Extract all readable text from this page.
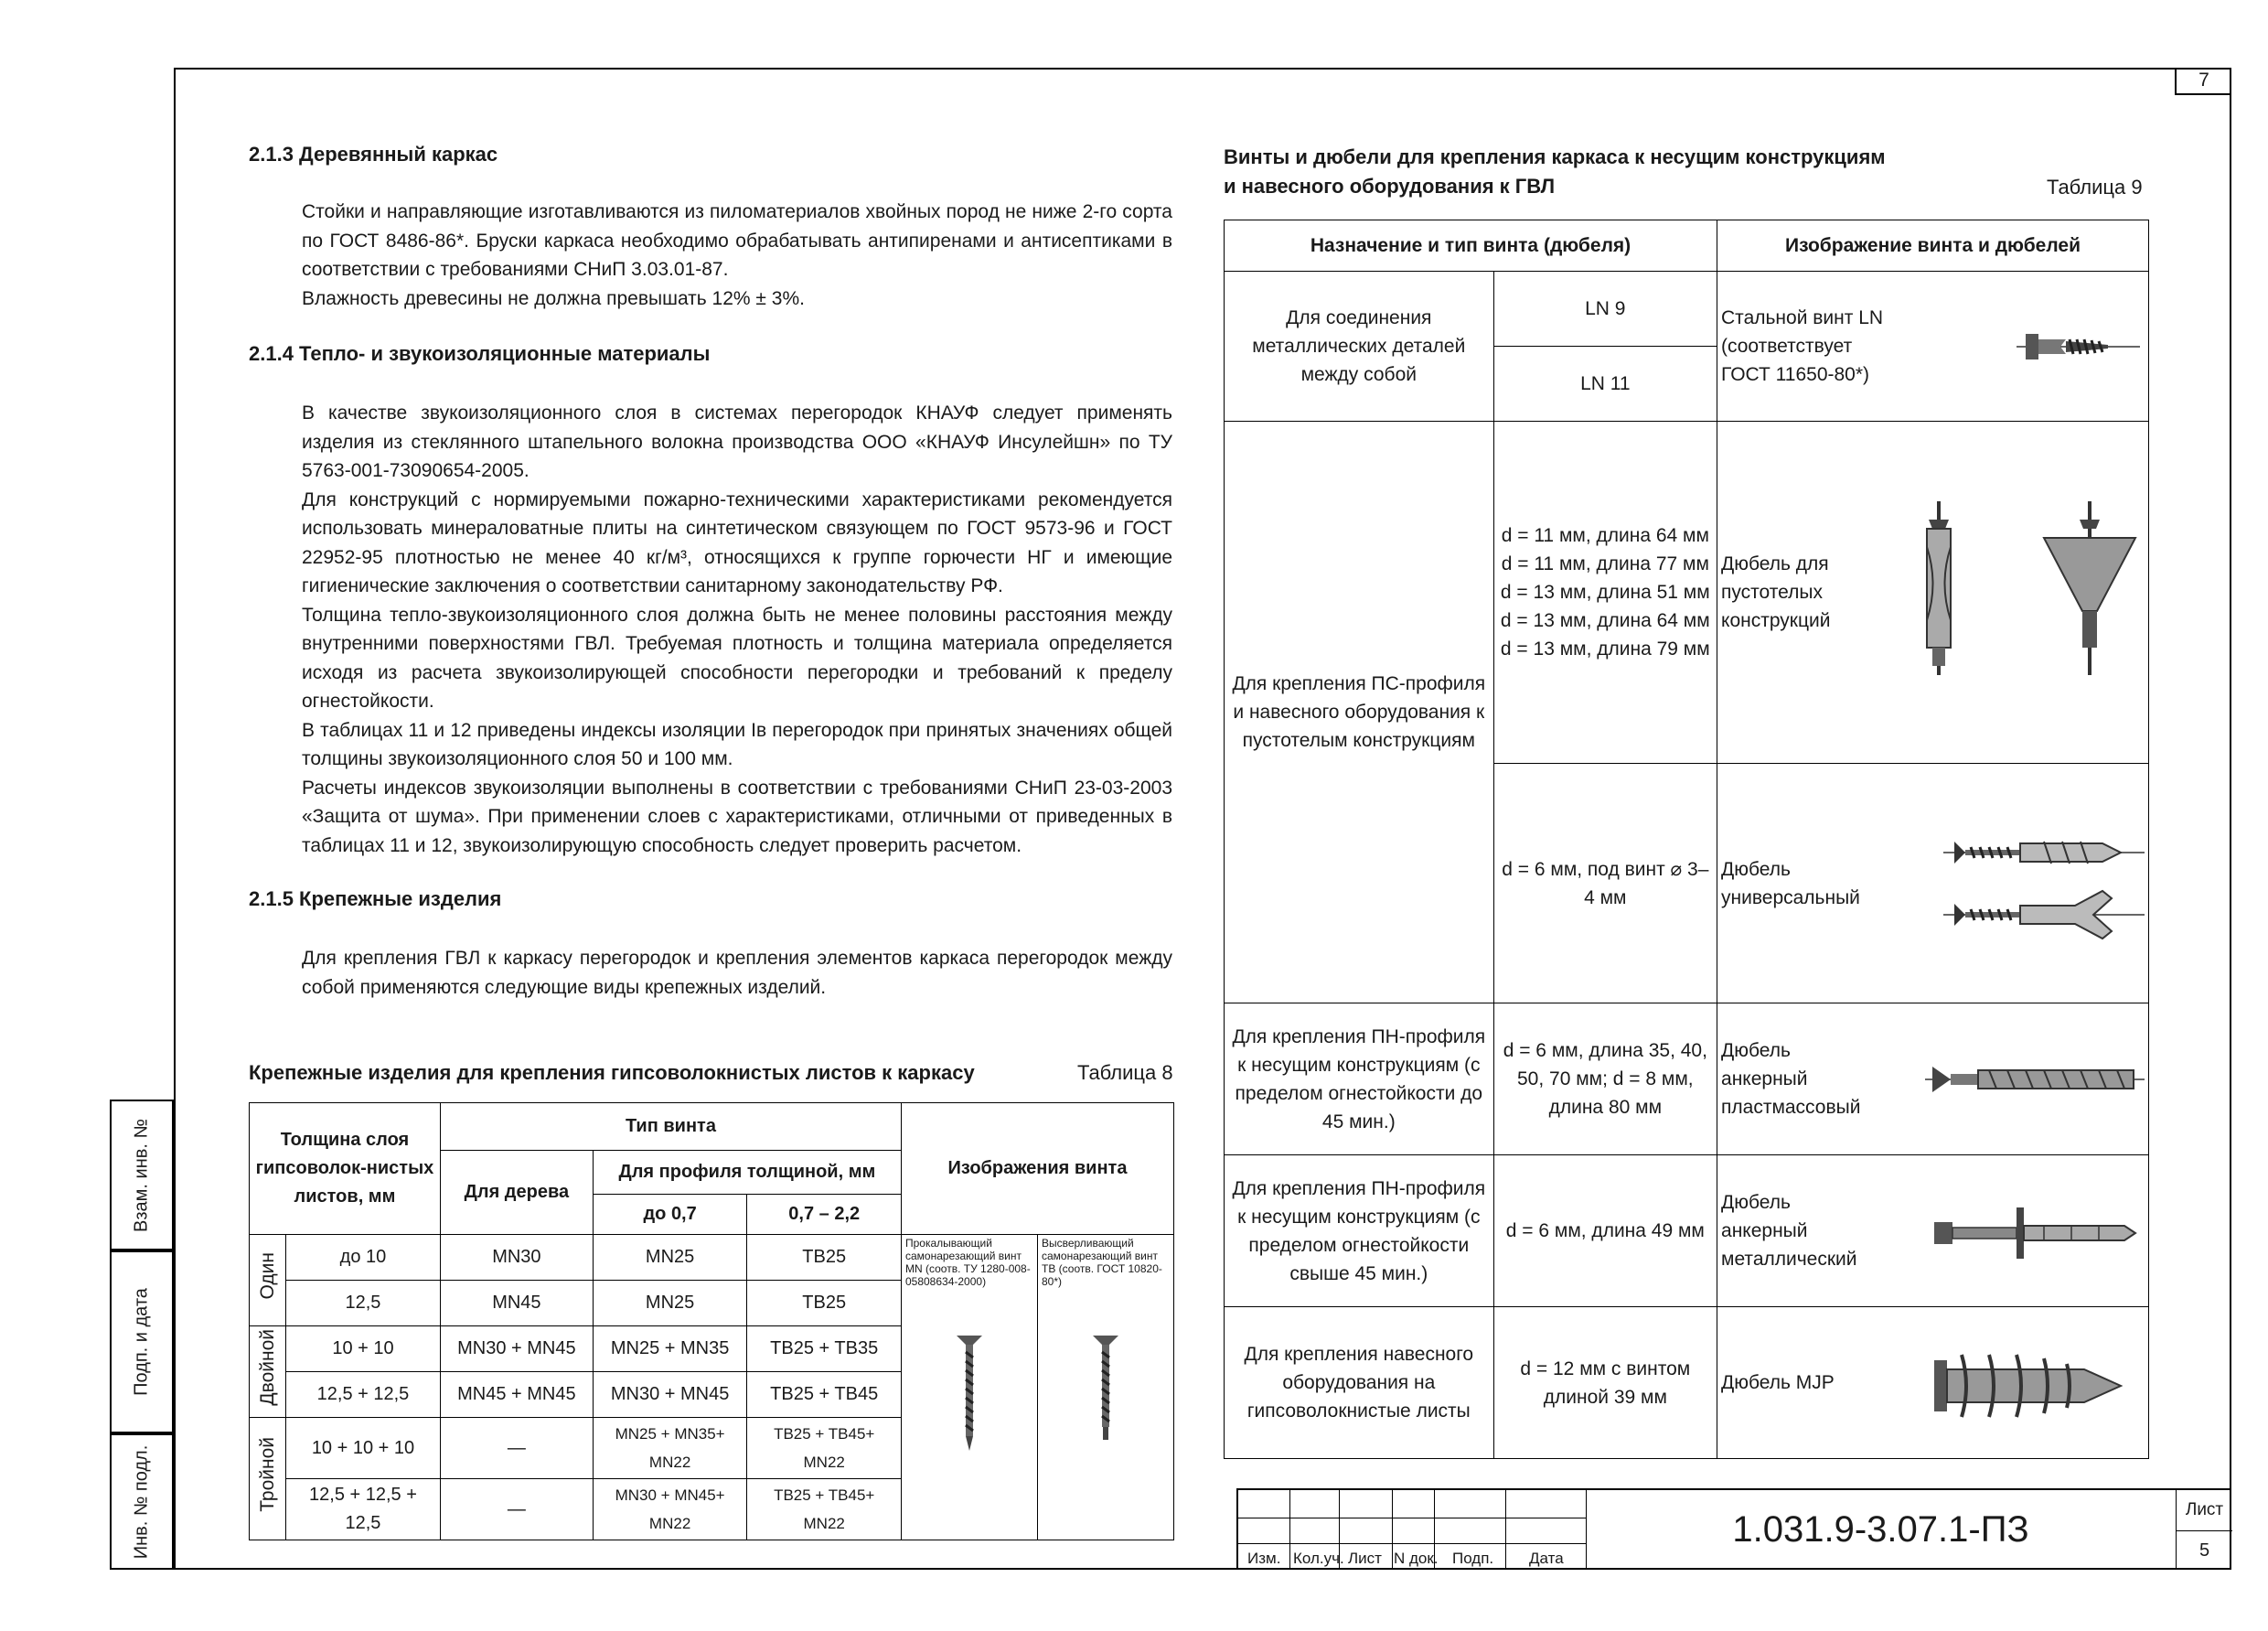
7
Взам. инв. №
Подп. и дата
Инв. № подл.
2.1.3 Деревянный каркас
Стойки и направляющие изготавливаются из пиломатериалов хвойных пород не ниже 2-го сорта по ГОСТ 8486-86*. Бруски каркаса необходимо обрабатывать антипиренами и антисептиками в соответствии с требованиями СНиП 3.03.01-87.
Влажность древесины не должна превышать 12% ± 3%.
2.1.4 Тепло- и звукоизоляционные материалы
В качестве звукоизоляционного слоя в системах перегородок КНАУФ следует применять изделия из стеклянного штапельного волокна производства ООО «КНАУФ Инсулейшн» по ТУ 5763-001-73090654-2005.
Для конструкций с нормируемыми пожарно-техническими характеристиками рекомендуется использовать минераловатные плиты на синтетическом связующем по ГОСТ 9573-96 и ГОСТ 22952-95 плотностью не менее 40 кг/м³, относящихся к группе горючести НГ и имеющие гигиенические заключения о соответствии санитарному законодательству РФ.
Толщина тепло-звукоизоляционного слоя должна быть не менее половины расстояния между внутренними поверхностями ГВЛ. Требуемая плотность и толщина материала определяется исходя из расчета звукоизолирующей способности перегородки и требований к пределу огнестойкости.
В таблицах 11 и 12 приведены индексы изоляции Iв перегородок при принятых значениях общей толщины звукоизоляционного слоя 50 и 100 мм.
Расчеты индексов звукоизоляции выполнены в соответствии с требованиями СНиП 23-03-2003 «Защита от шума». При применении слоев с характеристиками, отличными от приведенных в таблицах 11 и 12, звукоизолирующую способность следует проверить расчетом.
2.1.5 Крепежные изделия
Для крепления ГВЛ к каркасу перегородок и крепления элементов каркаса перегородок между собой применяются следующие виды крепежных изделий.
Крепежные изделия для крепления гипсоволокнистых листов к каркасу	Таблица 8
Толщина слоя гипсоволок-нистых листов, мм		Тип винта			Изображения винта	
		Для дерева	Для профиля толщиной, мм			
			до 0,7	0,7 – 2,2		
Один	до 10	MN30	MN25	TB25	Прокалывающий самонарезающий винт MN (соотв. ТУ 1280-008-05808634-2000)	Высверливающий самонарезающий винт TB (соотв. ГОСТ 10820-80*)

	12,5	MN45	MN25	TB25		
Двойной	10 + 10	MN30 + MN45	MN25 + MN35	TB25 + TB35		
	12,5 + 12,5	MN45 + MN45	MN30 + MN45	TB25 + TB45		
Тройной	10 + 10 + 10	—	MN25 + MN35+ MN22	TB25 + TB45+ MN22		
	12,5 + 12,5 + 12,5	—	MN30 + MN45+ MN22	TB25 + TB45+ MN22		
Винты и дюбели для крепления каркаса к несущим конструкциям и навесного оборудования к ГВЛ	Таблица 9
Назначение и тип винта (дюбеля)		Изображение винта и дюбелей
Для соединения металлических деталей между собой	LN 9	Стальной винт LN (соответствует ГОСТ 11650-80*)

	LN 11	
Для крепления ПС-профиля и навесного оборудования к пустотелым конструкциям	d = 11 мм, длина 64 мм d = 11 мм, длина 77 мм d = 13 мм, длина 51 мм d = 13 мм, длина 64 мм d = 13 мм, длина 79 мм	Дюбель для пустотелых конструкций

	d = 6 мм, под винт ⌀ 3–4 мм	Дюбель универсальный

Для крепления ПН-профиля к несущим конструкциям (с пределом огнестойкости до 45 мин.)	d = 6 мм, длина 35, 40, 50, 70 мм; d = 8 мм, длина 80 мм	Дюбель анкерный пластмассовый

Для крепления ПН-профиля к несущим конструкциям (с пределом огнестойкости свыше 45 мин.)	d = 6 мм, длина 49 мм	Дюбель анкерный металлический

Для крепления навесного оборудования на гипсоволокнистые листы	d = 12 мм с винтом длиной 39 мм	Дюбель MJP
Изм. Кол.уч. Лист N док. Подп. Дата
1.031.9-3.07.1-ПЗ	Лист
5
